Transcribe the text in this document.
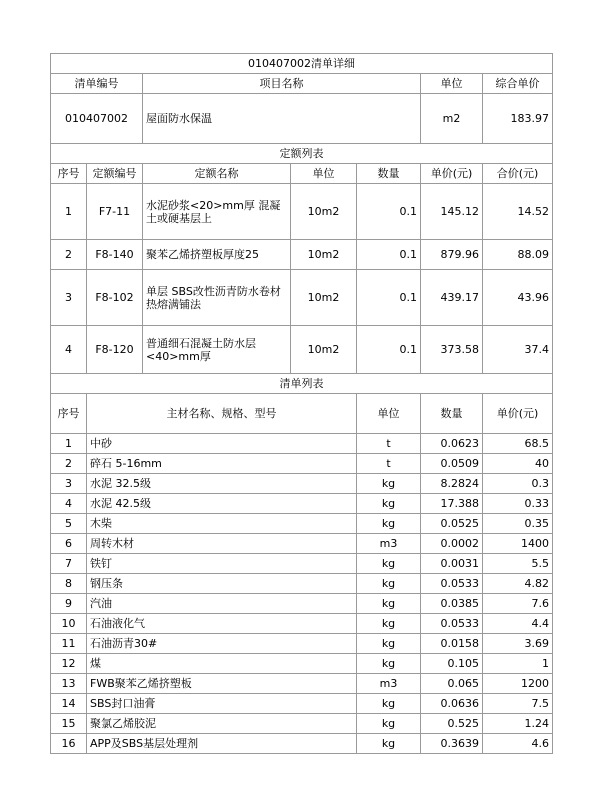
010407002清单详细							
清单编号		项目名称			单位	综合单价	
010407002		屋面防水保温			m2	183.97	
定额列表							
序号	定额编号	定额名称	单位	数量	单价(元)	合价(元)	
1	F7-11	水泥砂浆<20>mm厚 混凝土或硬基层上	10m2	0.1	145.12	14.52	
2	F8-140	聚苯乙烯挤塑板厚度25	10m2	0.1	879.96	88.09	
3	F8-102	单层 SBS改性沥青防水卷材 热熔满铺法	10m2	0.1	439.17	43.96	
4	F8-120	普通细石混凝土防水层<40>mm厚	10m2	0.1	373.58	37.4	
清单列表							
序号	主材名称、规格、型号			单位	数量	单价(元)	
1	中砂			t	0.0623	68.5	
2	碎石 5-16mm			t	0.0509	40	
3	水泥 32.5级			kg	8.2824	0.3	
4	水泥 42.5级			kg	17.388	0.33	
5	木柴			kg	0.0525	0.35	
6	周转木材			m3	0.0002	1400	
7	铁钉			kg	0.0031	5.5	
8	钢压条			kg	0.0533	4.82	
9	汽油			kg	0.0385	7.6	
10	石油液化气			kg	0.0533	4.4	
11	石油沥青30#			kg	0.0158	3.69	
12	煤			kg	0.105	1	
13	FWB聚苯乙烯挤塑板			m3	0.065	1200	
14	SBS封口油膏			kg	0.0636	7.5	
15	聚氯乙烯胶泥			kg	0.525	1.24	
16	APP及SBS基层处理剂			kg	0.3639	4.6	
